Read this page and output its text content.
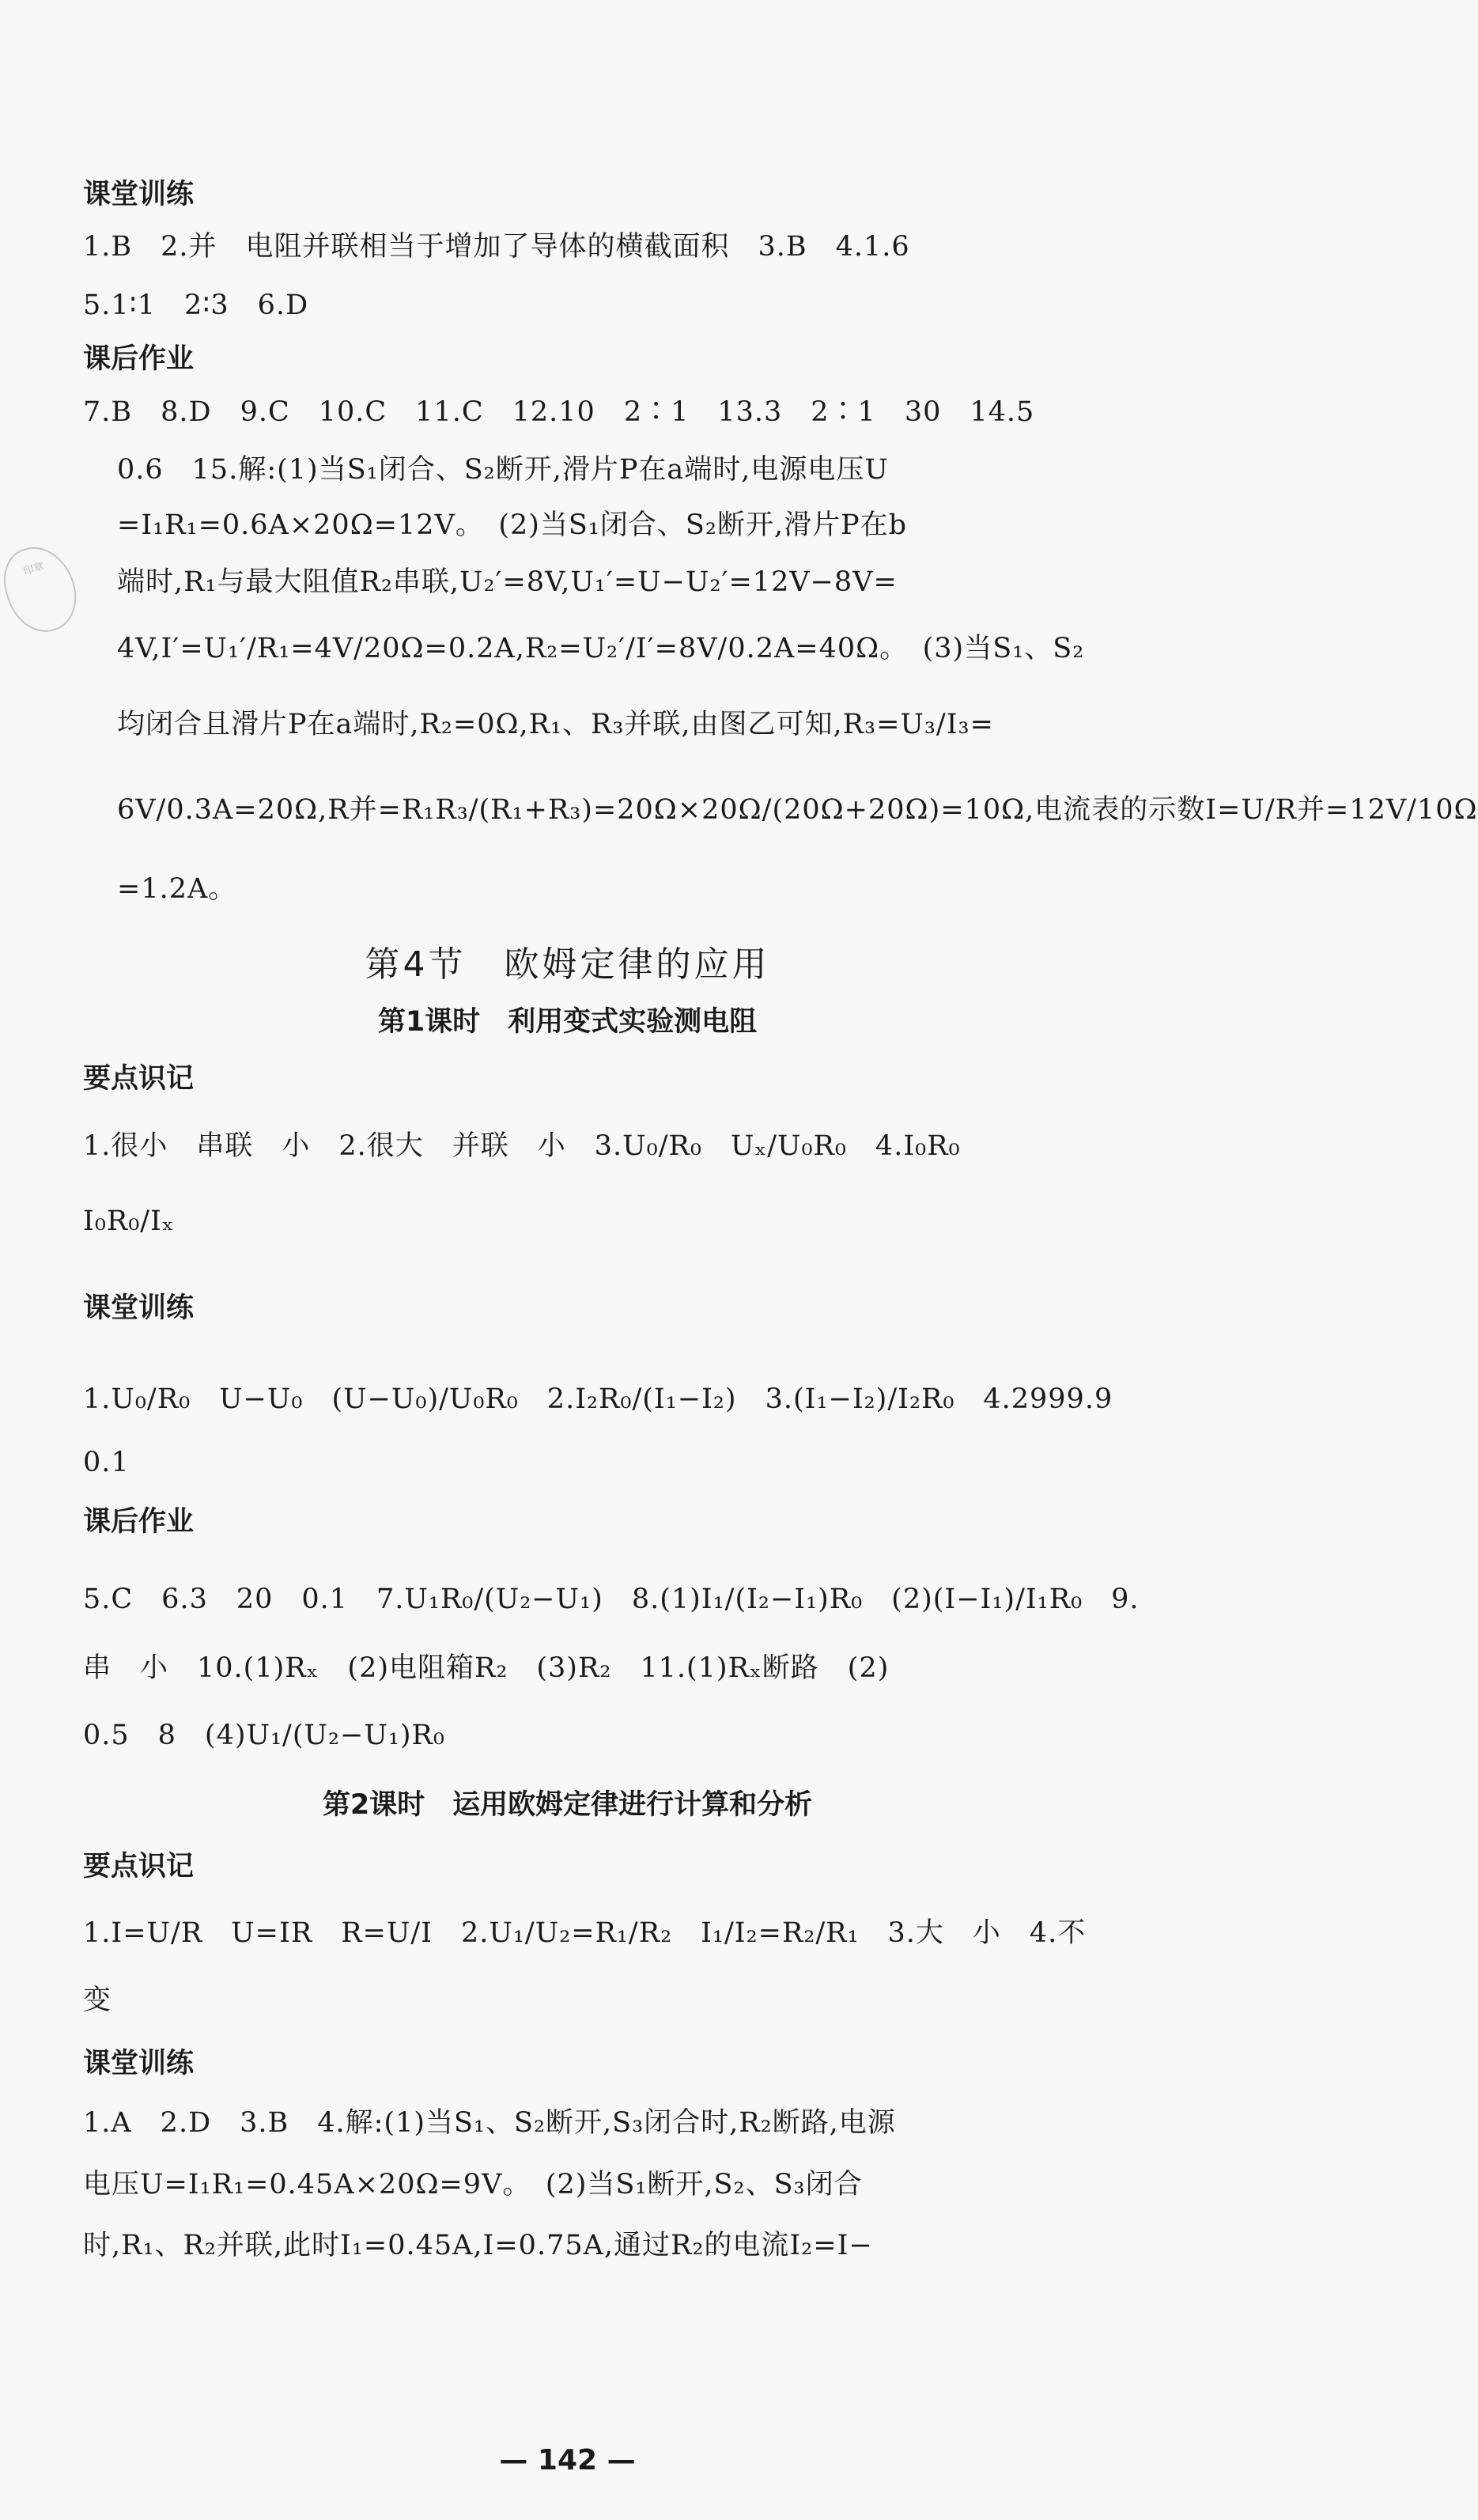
课堂训练
1.B　2.并　电阻并联相当于增加了导体的横截面积　3.B　4.1.6
5.1∶1　2∶3　6.D
课后作业
7.B　8.D　9.C　10.C　11.C　12.10　2∶1　13.3　2∶1　30　14.5
0.6　15.解:(1)当S₁闭合、S₂断开,滑片P在a端时,电源电压U
=I₁R₁=0.6A×20Ω=12V。　(2)当S₁闭合、S₂断开,滑片P在b
端时,R₁与最大阻值R₂串联,U₂′=8V,U₁′=U−U₂′=12V−8V=
4V,I′=U₁′/R₁=4V/20Ω=0.2A,R₂=U₂′/I′=8V/0.2A=40Ω。　(3)当S₁、S₂
均闭合且滑片P在a端时,R₂=0Ω,R₁、R₃并联,由图乙可知,R₃=U₃/I₃=
6V/0.3A=20Ω,R并=R₁R₃/(R₁+R₃)=20Ω×20Ω/(20Ω+20Ω)=10Ω,电流表的示数I=U/R并=12V/10Ω
=1.2A。
第4节　欧姆定律的应用
第1课时　利用变式实验测电阻
要点识记
1.很小　串联　小　2.很大　并联　小　3.U₀/R₀　Uₓ/U₀R₀　4.I₀R₀
I₀R₀/Iₓ
课堂训练
1.U₀/R₀　U−U₀　(U−U₀)/U₀R₀　2.I₂R₀/(I₁−I₂)　3.(I₁−I₂)/I₂R₀　4.2999.9
0.1
课后作业
5.C　6.3　20　0.1　7.U₁R₀/(U₂−U₁)　8.(1)I₁/(I₂−I₁)R₀　(2)(I−I₁)/I₁R₀　9.
串　小　10.(1)Rₓ　(2)电阻箱R₂　(3)R₂　11.(1)Rₓ断路　(2)
0.5　8　(4)U₁/(U₂−U₁)R₀
第2课时　运用欧姆定律进行计算和分析
要点识记
1.I=U/R　U=IR　R=U/I　2.U₁/U₂=R₁/R₂　I₁/I₂=R₂/R₁　3.大　小　4.不
变
课堂训练
1.A　2.D　3.B　4.解:(1)当S₁、S₂断开,S₃闭合时,R₂断路,电源
电压U=I₁R₁=0.45A×20Ω=9V。　(2)当S₁断开,S₂、S₃闭合
时,R₁、R₂并联,此时I₁=0.45A,I=0.75A,通过R₂的电流I₂=I−
印章
— 142 —
